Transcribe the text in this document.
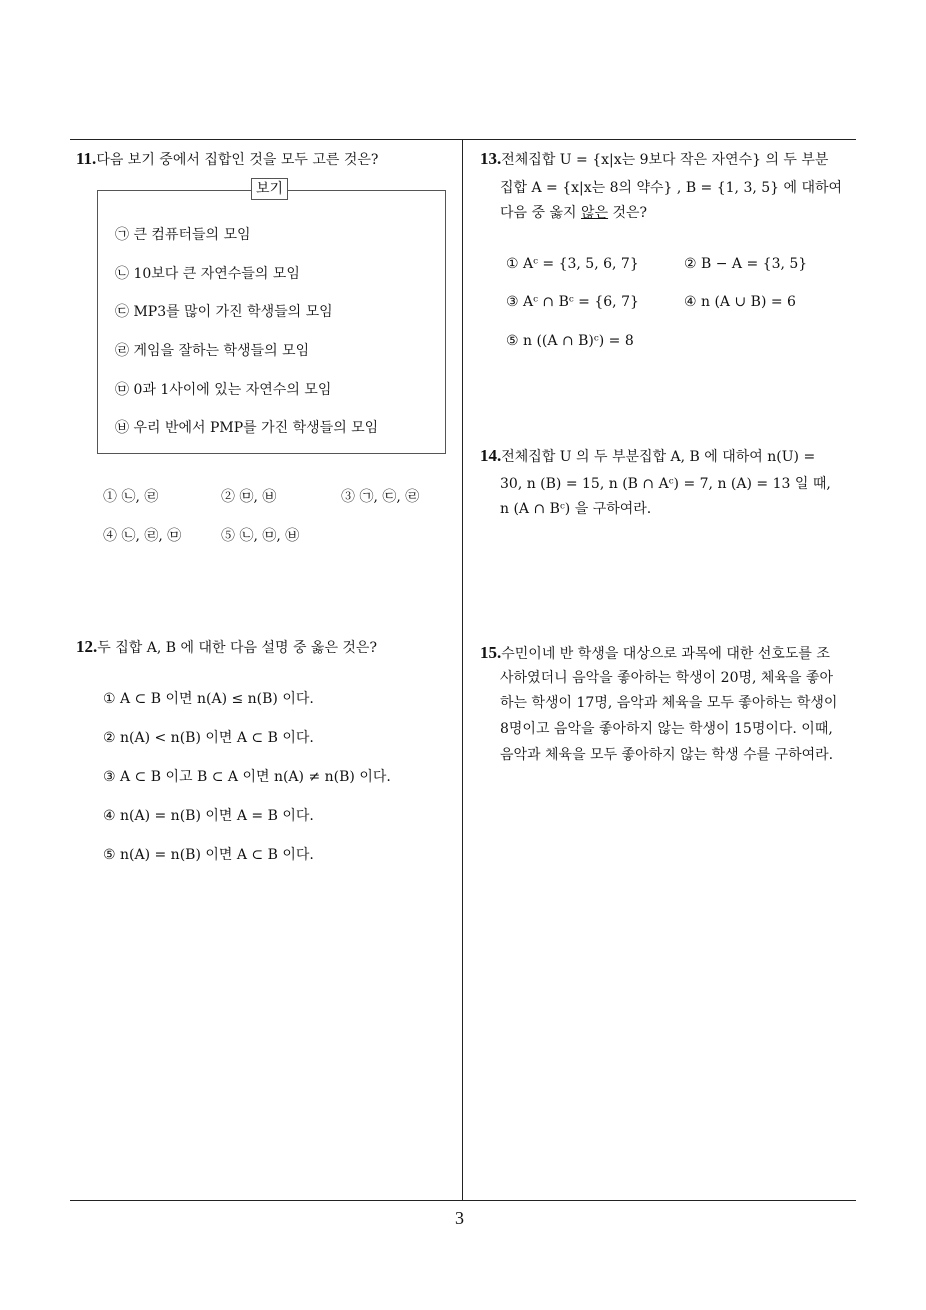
11.다음 보기 중에서 집합인 것을 모두 고른 것은?
보기
㉠ 큰 컴퓨터들의 모임
㉡ 10보다 큰 자연수들의 모임
㉢ MP3를 많이 가진 학생들의 모임
㉣ 게임을 잘하는 학생들의 모임
㉤ 0과 1사이에 있는 자연수의 모임
㉥ 우리 반에서 PMP를 가진 학생들의 모임
① ㉡, ㉣	② ㉤, ㉥	③ ㉠, ㉢, ㉣
④ ㉡, ㉣, ㉤	⑤ ㉡, ㉤, ㉥
12.두 집합 A, B 에 대한 다음 설명 중 옳은 것은?
① A ⊂ B 이면 n(A) ≤ n(B) 이다.
② n(A) < n(B) 이면 A ⊂ B 이다.
③ A ⊂ B 이고 B ⊂ A 이면 n(A) ≠ n(B) 이다.
④ n(A) = n(B) 이면 A = B 이다.
⑤ n(A) = n(B) 이면 A ⊂ B 이다.
13.전체집합 U = {x|x는 9보다 작은 자연수} 의 두 부분
집합 A = {x|x는 8의 약수} , B = {1, 3, 5} 에 대하여
다음 중 옳지 않은 것은?
① Aᶜ = {3, 5, 6, 7}	② B − A = {3, 5}
③ Aᶜ ∩ Bᶜ = {6, 7}	④ n (A ∪ B) = 6
⑤ n ((A ∩ B)ᶜ) = 8
14.전체집합 U 의 두 부분집합 A, B 에 대하여 n(U) =
30, n (B) = 15, n (B ∩ Aᶜ) = 7, n (A) = 13 일 때,
n (A ∩ Bᶜ) 을 구하여라.
15.수민이네 반 학생을 대상으로 과목에 대한 선호도를 조
사하였더니 음악을 좋아하는 학생이 20명, 체육을 좋아
하는 학생이 17명, 음악과 체육을 모두 좋아하는 학생이
8명이고 음악을 좋아하지 않는 학생이 15명이다. 이때,
음악과 체육을 모두 좋아하지 않는 학생 수를 구하여라.
3
